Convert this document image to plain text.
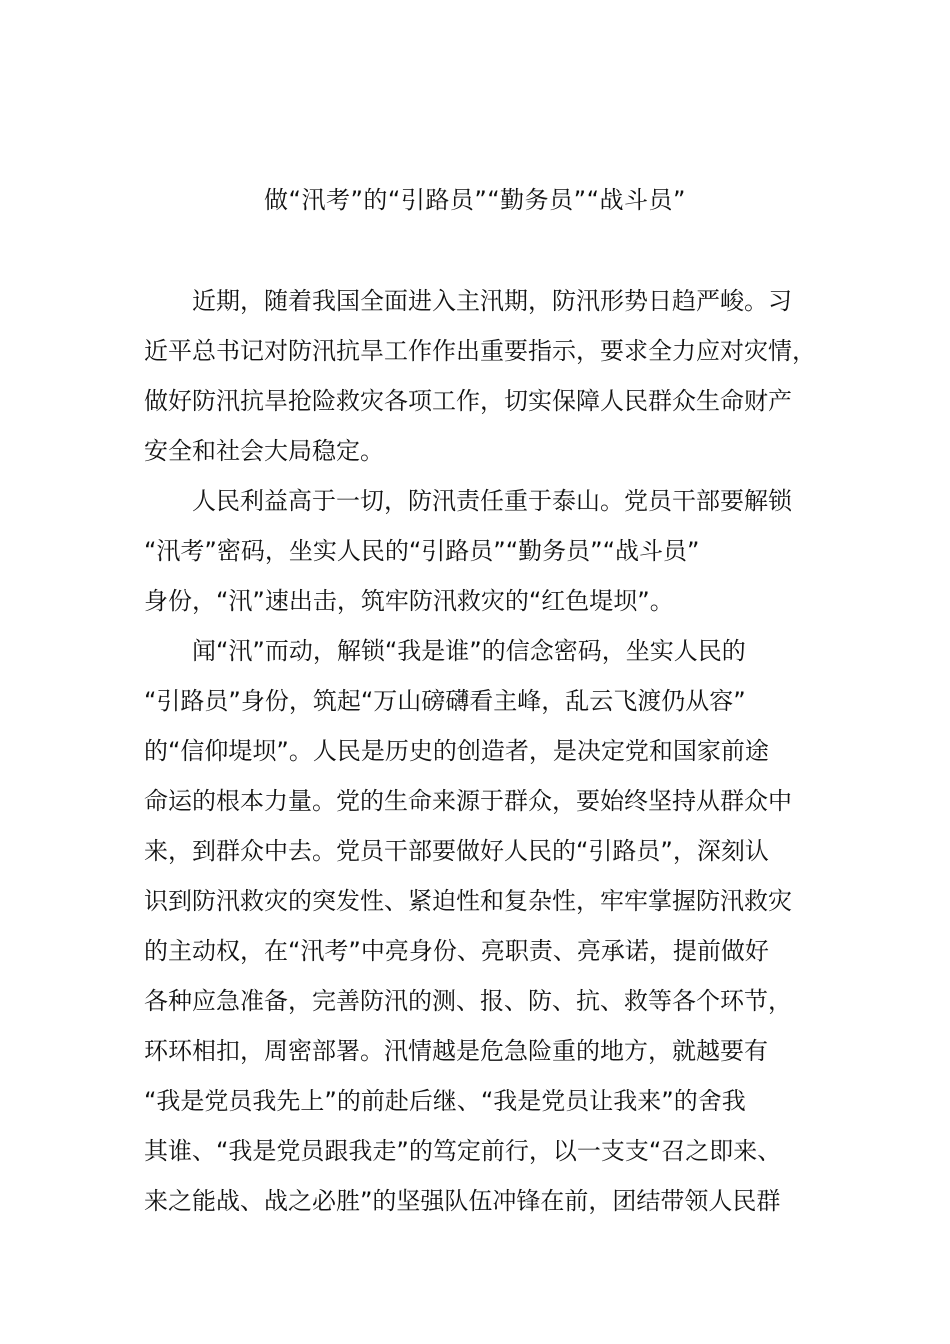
做“汛考”的“引路员”“勤务员”“战斗员”
近期，随着我国全面进入主汛期，防汛形势日趋严峻。习
近平总书记对防汛抗旱工作作出重要指示，要求全力应对灾情，
做好防汛抗旱抢险救灾各项工作，切实保障人民群众生命财产
安全和社会大局稳定。
人民利益高于一切，防汛责任重于泰山。党员干部要解锁
“汛考”密码，坐实人民的“引路员”“勤务员”“战斗员”
身份，“汛”速出击，筑牢防汛救灾的“红色堤坝”。
闻“汛”而动，解锁“我是谁”的信念密码，坐实人民的
“引路员”身份，筑起“万山磅礴看主峰，乱云飞渡仍从容”
的“信仰堤坝”。人民是历史的创造者，是决定党和国家前途
命运的根本力量。党的生命来源于群众，要始终坚持从群众中
来，到群众中去。党员干部要做好人民的“引路员”，深刻认
识到防汛救灾的突发性、紧迫性和复杂性，牢牢掌握防汛救灾
的主动权，在“汛考”中亮身份、亮职责、亮承诺，提前做好
各种应急准备，完善防汛的测、报、防、抗、救等各个环节，
环环相扣，周密部署。汛情越是危急险重的地方，就越要有
“我是党员我先上”的前赴后继、“我是党员让我来”的舍我
其谁、“我是党员跟我走”的笃定前行，以一支支“召之即来、
来之能战、战之必胜”的坚强队伍冲锋在前，团结带领人民群
